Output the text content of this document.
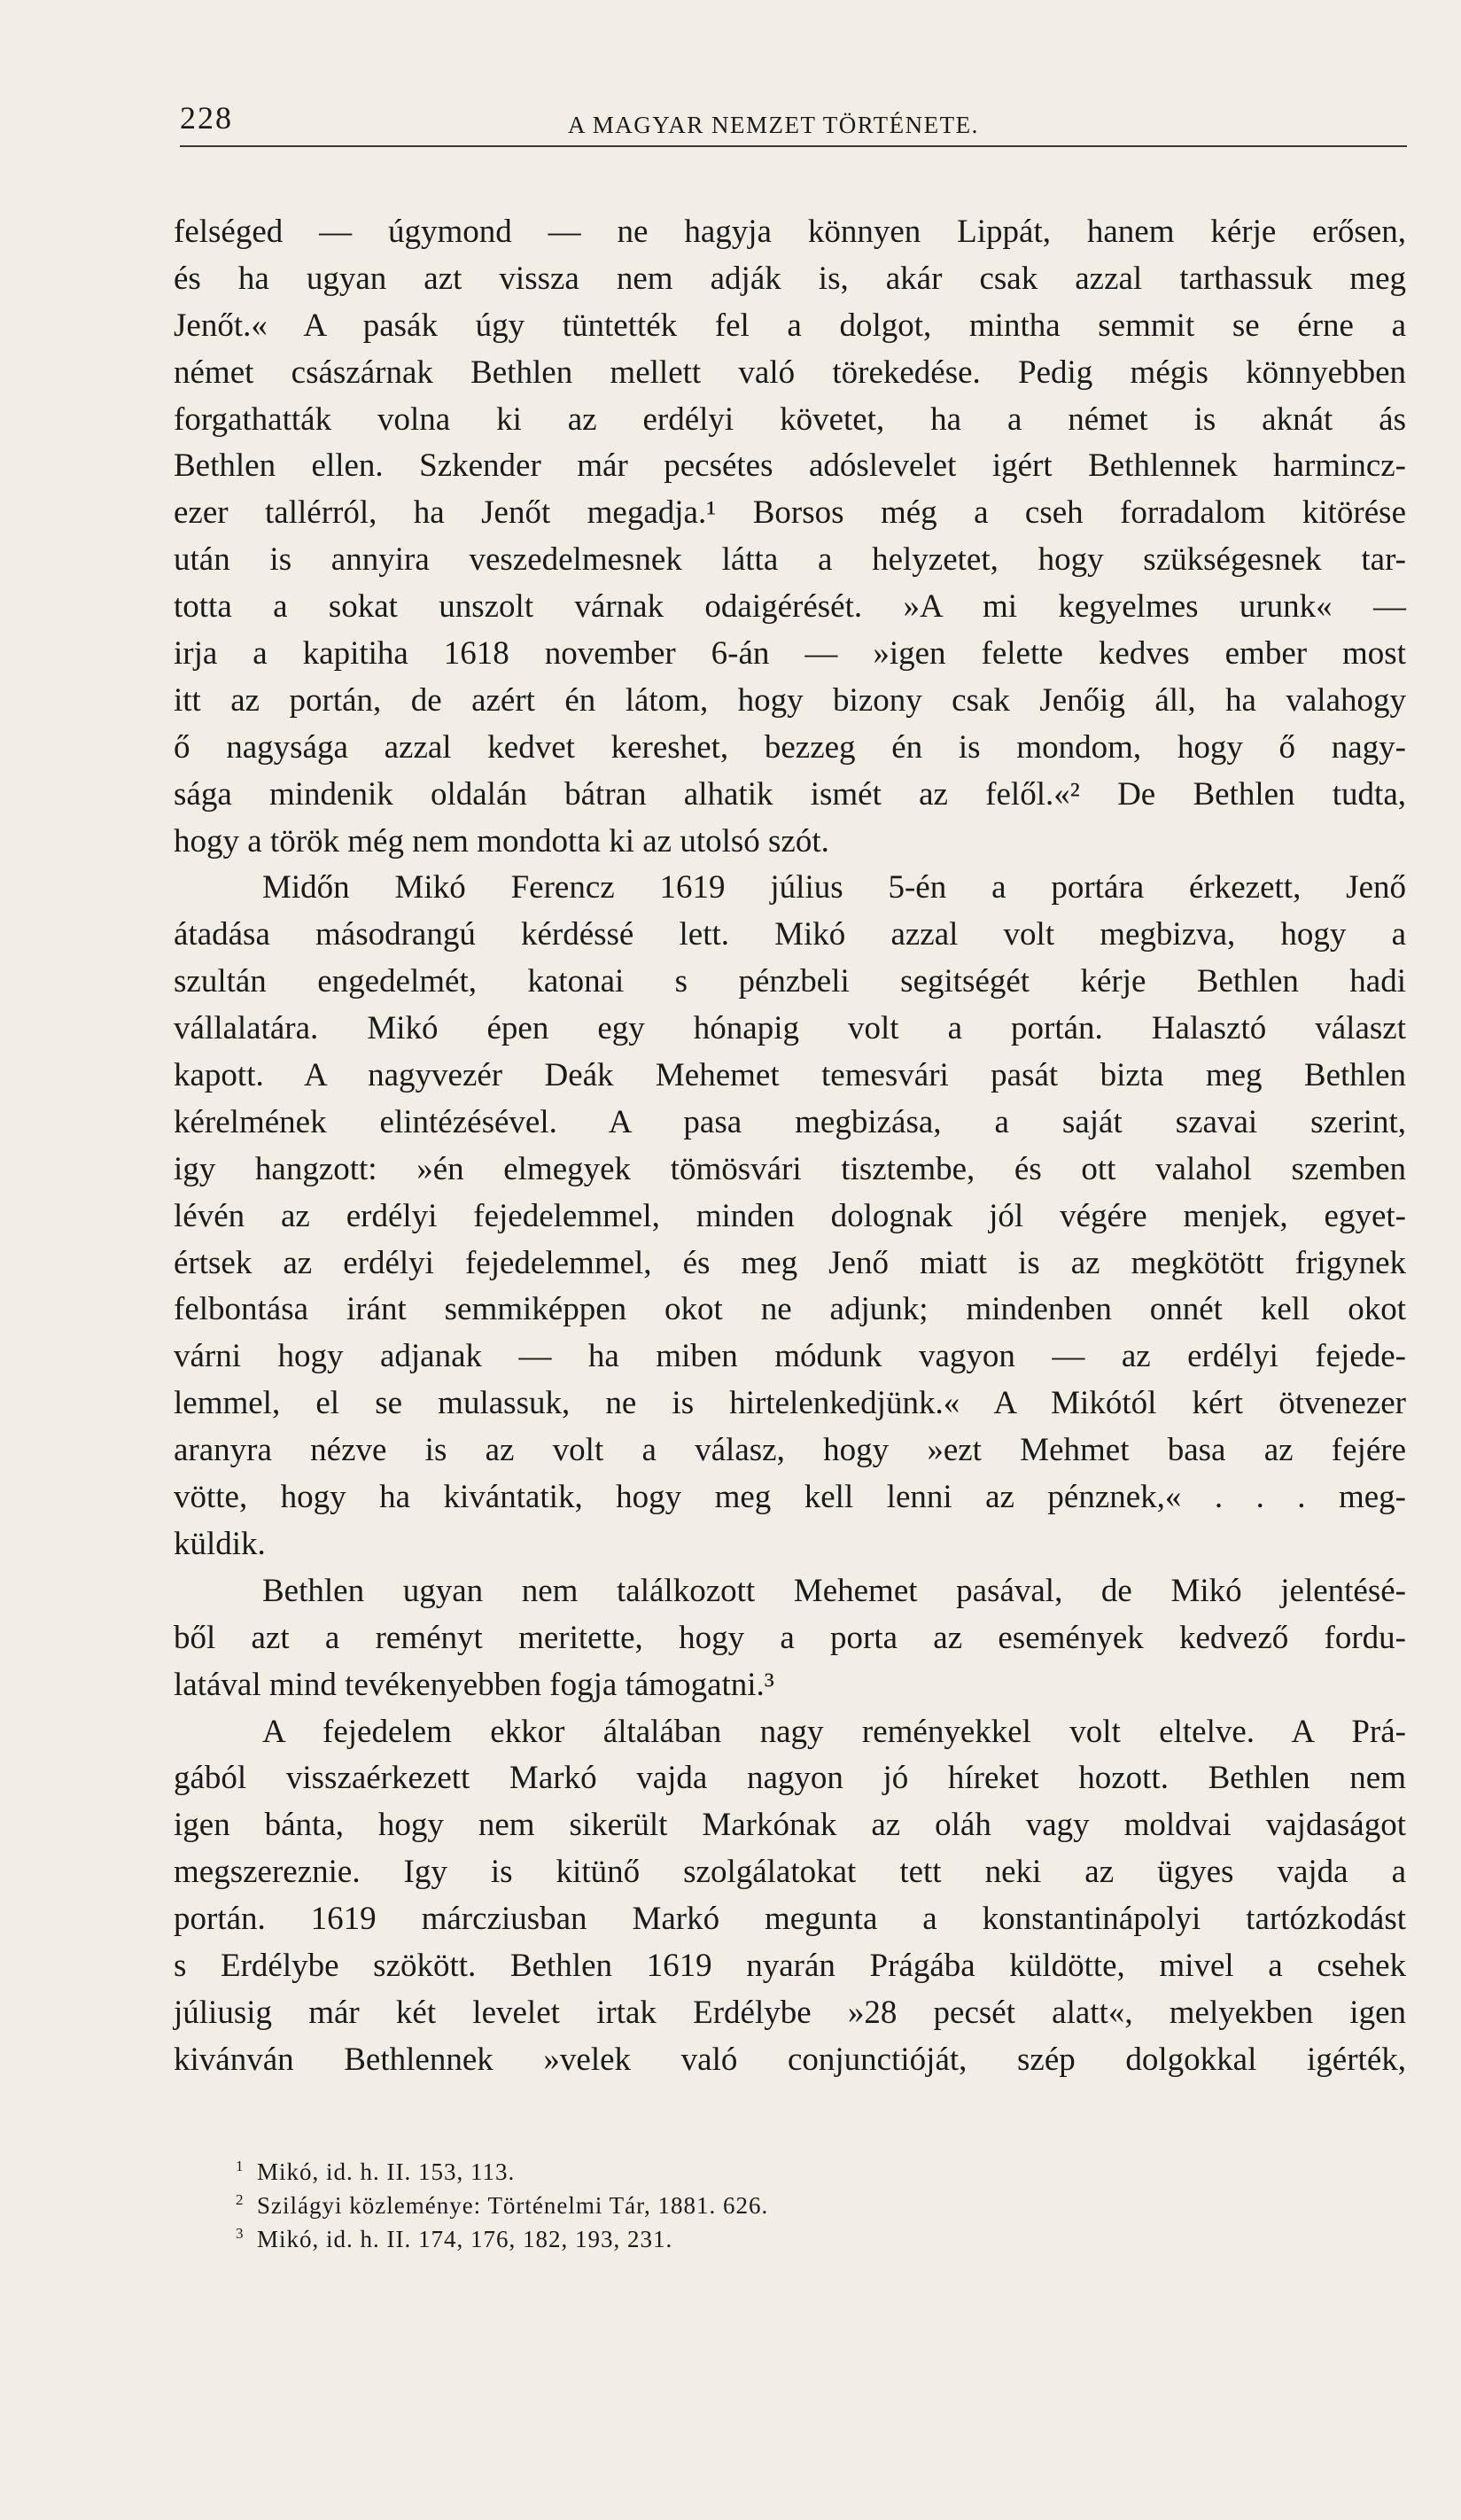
228	A MAGYAR NEMZET TÖRTÉNETE.
felséged — úgymond — ne hagyja könnyen Lippát, hanem kérje erősen,
és ha ugyan azt vissza nem adják is, akár csak azzal tarthassuk meg
Jenőt.« A pasák úgy tüntették fel a dolgot, mintha semmit se érne a
német császárnak Bethlen mellett való törekedése. Pedig mégis könnyebben
forgathatták volna ki az erdélyi követet, ha a német is aknát ás
Bethlen ellen. Szkender már pecsétes adóslevelet igért Bethlennek harmincz-
ezer tallérról, ha Jenőt megadja.¹ Borsos még a cseh forradalom kitörése
után is annyira veszedelmesnek látta a helyzetet, hogy szükségesnek tar-
totta a sokat unszolt várnak odaigérését. »A mi kegyelmes urunk« —
irja a kapitiha 1618 november 6-án — »igen felette kedves ember most
itt az portán, de azért én látom, hogy bizony csak Jenőig áll, ha valahogy
ő nagysága azzal kedvet kereshet, bezzeg én is mondom, hogy ő nagy-
sága mindenik oldalán bátran alhatik ismét az felől.«² De Bethlen tudta,
hogy a török még nem mondotta ki az utolsó szót.
Midőn Mikó Ferencz 1619 július 5-én a portára érkezett, Jenő
átadása másodrangú kérdéssé lett. Mikó azzal volt megbizva, hogy a
szultán engedelmét, katonai s pénzbeli segitségét kérje Bethlen hadi
vállalatára. Mikó épen egy hónapig volt a portán. Halasztó választ
kapott. A nagyvezér Deák Mehemet temesvári pasát bizta meg Bethlen
kérelmének elintézésével. A pasa megbizása, a saját szavai szerint,
igy hangzott: »én elmegyek tömösvári tisztembe, és ott valahol szemben
lévén az erdélyi fejedelemmel, minden dolognak jól végére menjek, egyet-
értsek az erdélyi fejedelemmel, és meg Jenő miatt is az megkötött frigynek
felbontása iránt semmiképpen okot ne adjunk; mindenben onnét kell okot
várni hogy adjanak — ha miben módunk vagyon — az erdélyi fejede-
lemmel, el se mulassuk, ne is hirtelenkedjünk.« A Mikótól kért ötvenezer
aranyra nézve is az volt a válasz, hogy »ezt Mehmet basa az fejére
vötte, hogy ha kivántatik, hogy meg kell lenni az pénznek,« . . . meg-
küldik.
Bethlen ugyan nem találkozott Mehemet pasával, de Mikó jelentésé-
ből azt a reményt meritette, hogy a porta az események kedvező fordu-
latával mind tevékenyebben fogja támogatni.³
A fejedelem ekkor általában nagy reményekkel volt eltelve. A Prá-
gából visszaérkezett Markó vajda nagyon jó híreket hozott. Bethlen nem
igen bánta, hogy nem sikerült Markónak az oláh vagy moldvai vajdaságot
megszereznie. Igy is kitünő szolgálatokat tett neki az ügyes vajda a
portán. 1619 márcziusban Markó megunta a konstantinápolyi tartózkodást
s Erdélybe szökött. Bethlen 1619 nyarán Prágába küldötte, mivel a csehek
júliusig már két levelet irtak Erdélybe »28 pecsét alatt«, melyekben igen
kivánván Bethlennek »velek való conjunctióját, szép dolgokkal igérték,
1 Mikó, id. h. II. 153, 113.
2 Szilágyi közleménye: Történelmi Tár, 1881. 626.
3 Mikó, id. h. II. 174, 176, 182, 193, 231.
